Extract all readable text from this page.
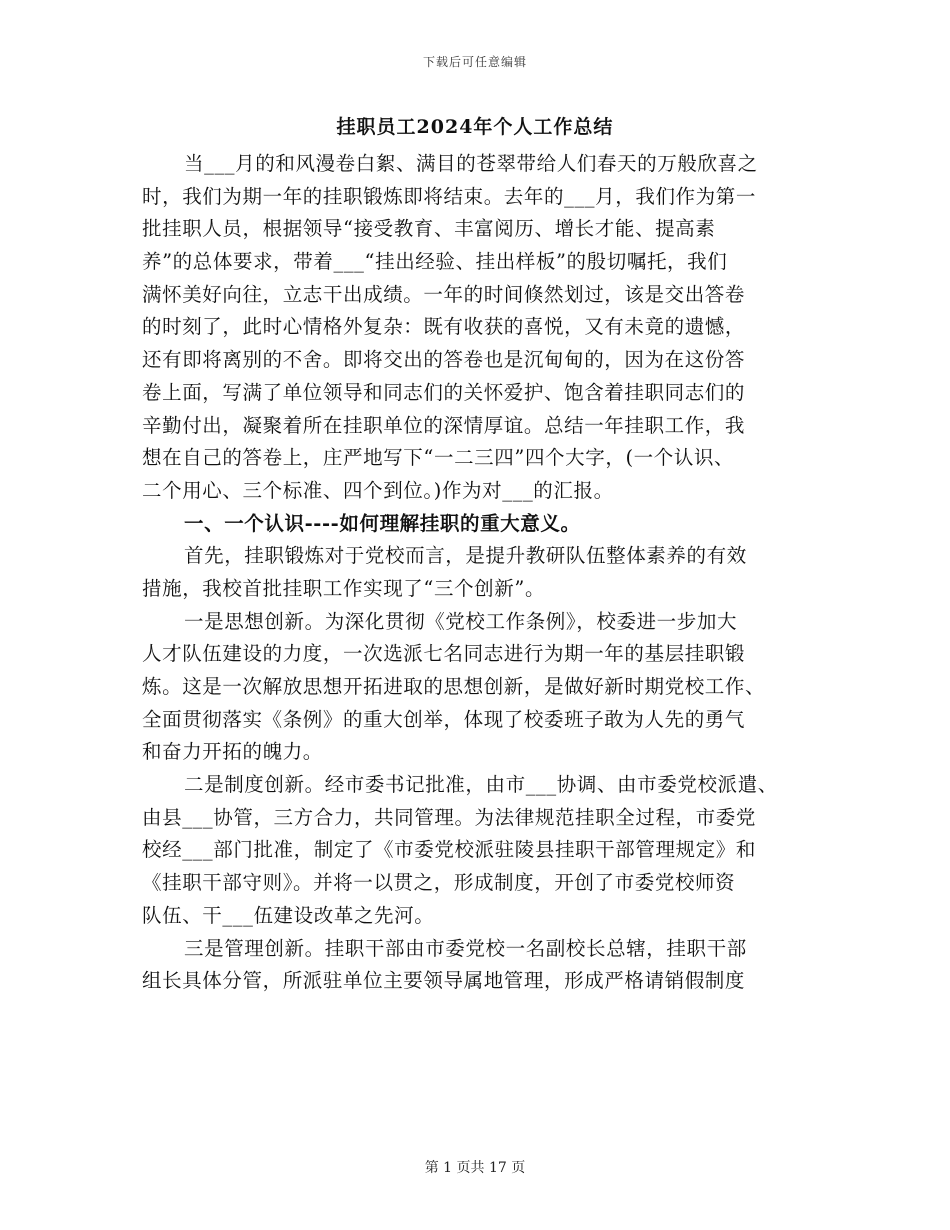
下载后可任意编辑
挂职员工2024年个人工作总结
当___月的和风漫卷白絮、满目的苍翠带给人们春天的万般欣喜之
时，我们为期一年的挂职锻炼即将结束。去年的___月，我们作为第一
批挂职人员，根据领导“接受教育、丰富阅历、增长才能、提高素
养”的总体要求，带着___“挂出经验、挂出样板”的殷切嘱托，我们
满怀美好向往，立志干出成绩。一年的时间倏然划过，该是交出答卷
的时刻了，此时心情格外复杂：既有收获的喜悦，又有未竟的遗憾，
还有即将离别的不舍。即将交出的答卷也是沉甸甸的，因为在这份答
卷上面，写满了单位领导和同志们的关怀爱护、饱含着挂职同志们的
辛勤付出，凝聚着所在挂职单位的深情厚谊。总结一年挂职工作，我
想在自己的答卷上，庄严地写下“一二三四”四个大字，(一个认识、
二个用心、三个标准、四个到位。)作为对___的汇报。
一、一个认识----如何理解挂职的重大意义。
首先，挂职锻炼对于党校而言，是提升教研队伍整体素养的有效
措施，我校首批挂职工作实现了“三个创新”。
一是思想创新。为深化贯彻《党校工作条例》，校委进一步加大
人才队伍建设的力度，一次选派七名同志进行为期一年的基层挂职锻
炼。这是一次解放思想开拓进取的思想创新，是做好新时期党校工作、
全面贯彻落实《条例》的重大创举，体现了校委班子敢为人先的勇气
和奋力开拓的魄力。
二是制度创新。经市委书记批准，由市___协调、由市委党校派遣、
由县___协管，三方合力，共同管理。为法律规范挂职全过程，市委党
校经___部门批准，制定了《市委党校派驻陵县挂职干部管理规定》和
《挂职干部守则》。并将一以贯之，形成制度，开创了市委党校师资
队伍、干___伍建设改革之先河。
三是管理创新。挂职干部由市委党校一名副校长总辖，挂职干部
组长具体分管，所派驻单位主要领导属地管理，形成严格请销假制度
第 1 页共 17 页
